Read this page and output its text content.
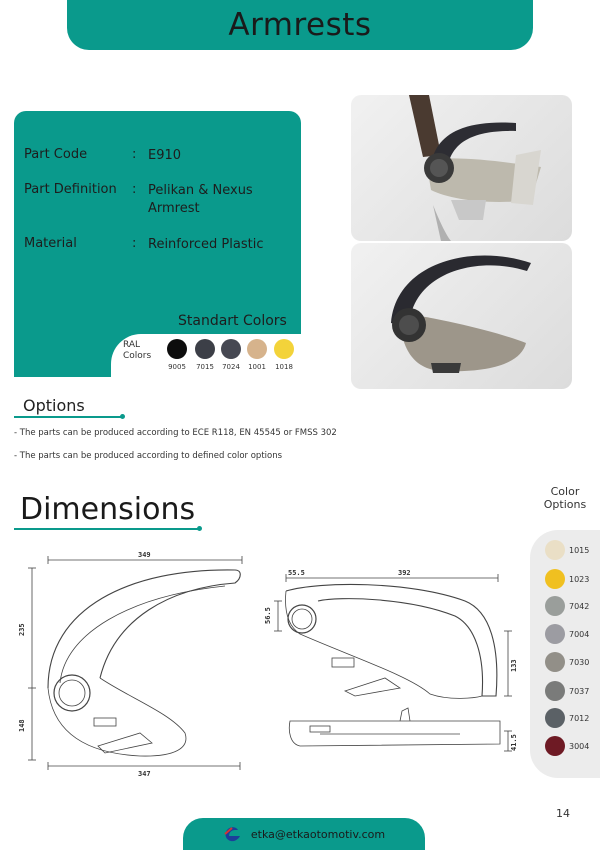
Armrests
Part Code	: E910
Part Definition	: Pelikan & Nexus Armrest
Material	: Reinforced Plastic
Standart Colors
RAL Colors
9005	7015	7024	1001	1018
Options
- The parts can be produced according to ECE R118, EN 45545 or FMSS 302
- The parts can be produced according to defined color options
Dimensions
349
347
235
148
55.5	392
56.5
133
41.5
Color Options
1015
1023
7042
7004
7030
7037
7012
3004
14
etka@etkaotomotiv.com
